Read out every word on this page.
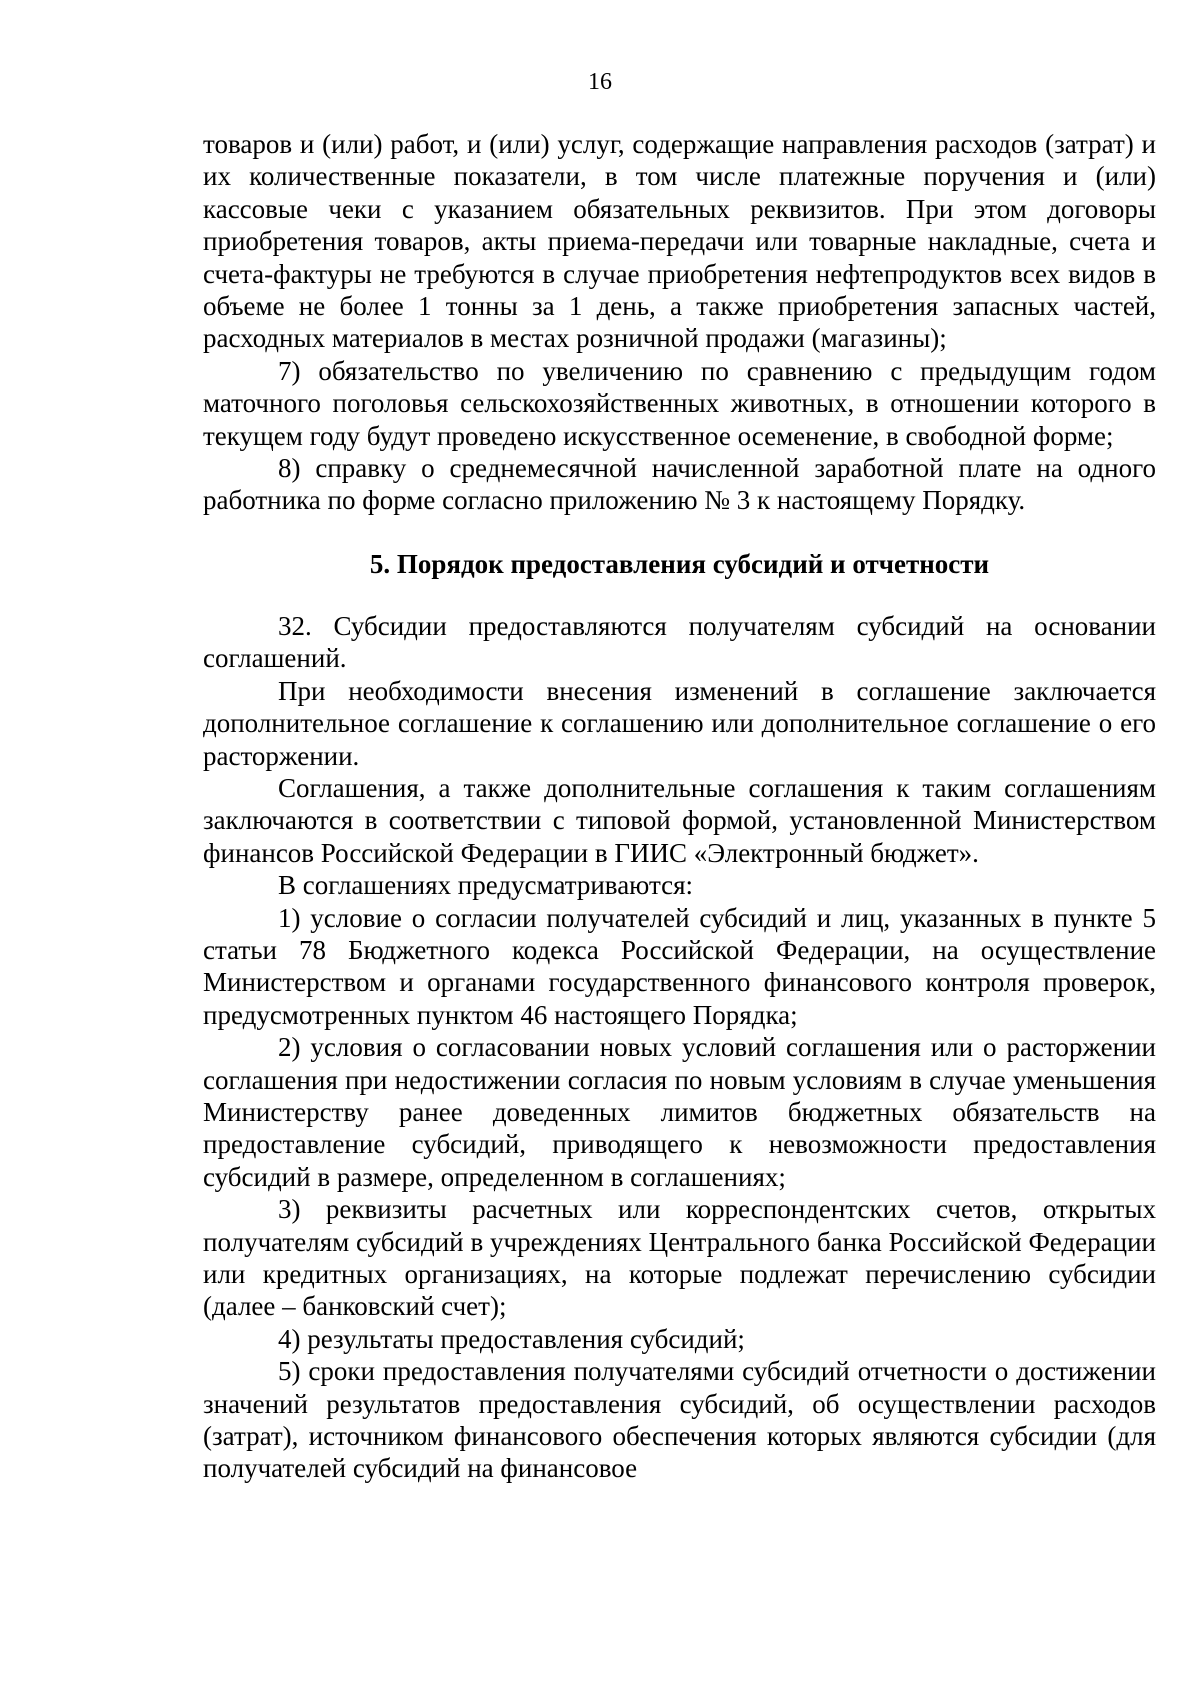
16

товаров и (или) работ, и (или) услуг, содержащие направления расходов (затрат) и их количественные показатели, в том числе платежные поручения и (или) кассовые чеки с указанием обязательных реквизитов. При этом договоры приобретения товаров, акты приема-передачи или товарные накладные, счета и счета-фактуры не требуются в случае приобретения нефтепродуктов всех видов в объеме не более 1 тонны за 1 день, а также приобретения запасных частей, расходных материалов в местах розничной продажи (магазины);

7) обязательство по увеличению по сравнению с предыдущим годом маточного поголовья сельскохозяйственных животных, в отношении которого в текущем году будут проведено искусственное осеменение, в свободной форме;

8) справку о среднемесячной начисленной заработной плате на одного работника по форме согласно приложению № 3 к настоящему Порядку.

5. Порядок предоставления субсидий и отчетности

32. Субсидии предоставляются получателям субсидий на основании соглашений.

При необходимости внесения изменений в соглашение заключается дополнительное соглашение к соглашению или дополнительное соглашение о его расторжении.

Соглашения, а также дополнительные соглашения к таким соглашениям заключаются в соответствии с типовой формой, установленной Министерством финансов Российской Федерации в ГИИС «Электронный бюджет».

В соглашениях предусматриваются:

1) условие о согласии получателей субсидий и лиц, указанных в пункте 5 статьи 78 Бюджетного кодекса Российской Федерации, на осуществление Министерством и органами государственного финансового контроля проверок, предусмотренных пунктом 46 настоящего Порядка;

2) условия о согласовании новых условий соглашения или о расторжении соглашения при недостижении согласия по новым условиям в случае уменьшения Министерству ранее доведенных лимитов бюджетных обязательств на предоставление субсидий, приводящего к невозможности предоставления субсидий в размере, определенном в соглашениях;

3) реквизиты расчетных или корреспондентских счетов, открытых получателям субсидий в учреждениях Центрального банка Российской Федерации или кредитных организациях, на которые подлежат перечислению субсидии (далее – банковский счет);

4) результаты предоставления субсидий;

5) сроки предоставления получателями субсидий отчетности о достижении значений результатов предоставления субсидий, об осуществлении расходов (затрат), источником финансового обеспечения которых являются субсидии (для получателей субсидий на финансовое
